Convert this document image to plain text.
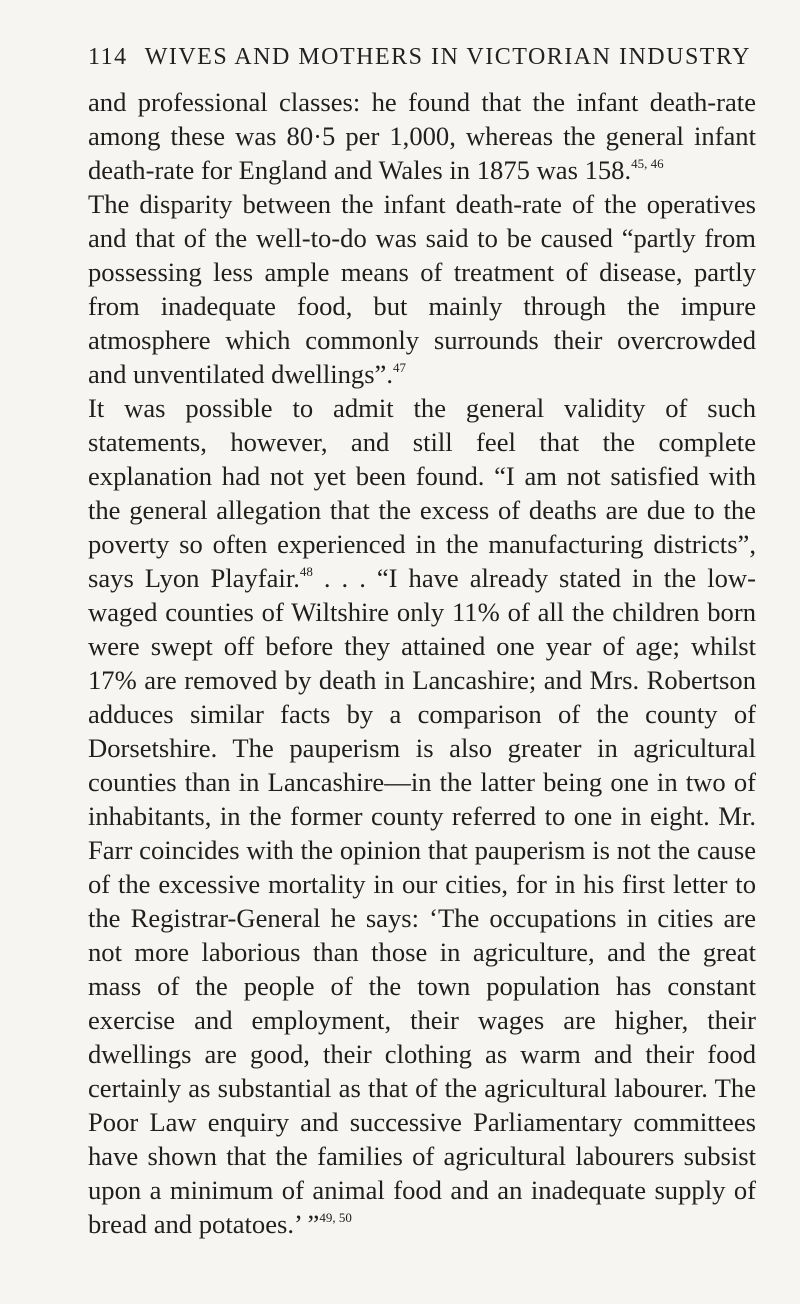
114 WIVES AND MOTHERS IN VICTORIAN INDUSTRY

and professional classes: he found that the infant death-rate among these was 80·5 per 1,000, whereas the general infant death-rate for England and Wales in 1875 was 158.$^{45, 46}$

The disparity between the infant death-rate of the operatives and that of the well-to-do was said to be caused “partly from possessing less ample means of treatment of disease, partly from inadequate food, but mainly through the impure atmosphere which commonly surrounds their overcrowded and unventilated dwellings”.$^{47}$

It was possible to admit the general validity of such statements, however, and still feel that the complete explanation had not yet been found. “I am not satisfied with the general allegation that the excess of deaths are due to the poverty so often experienced in the manufacturing districts”, says Lyon Playfair.$^{48}$ . . . “I have already stated in the low-waged counties of Wiltshire only 11% of all the children born were swept off before they attained one year of age; whilst 17% are removed by death in Lancashire; and Mrs. Robertson adduces similar facts by a comparison of the county of Dorsetshire. The pauperism is also greater in agricultural counties than in Lancashire—in the latter being one in two of inhabitants, in the former county referred to one in eight. Mr. Farr coincides with the opinion that pauperism is not the cause of the excessive mortality in our cities, for in his first letter to the Registrar-General he says: ‘The occupations in cities are not more laborious than those in agriculture, and the great mass of the people of the town population has constant exercise and employment, their wages are higher, their dwellings are good, their clothing as warm and their food certainly as substantial as that of the agricultural labourer. The Poor Law enquiry and successive Parliamentary committees have shown that the families of agricultural labourers subsist upon a minimum of animal food and an inadequate supply of bread and potatoes.’ ”$^{49, 50}$
